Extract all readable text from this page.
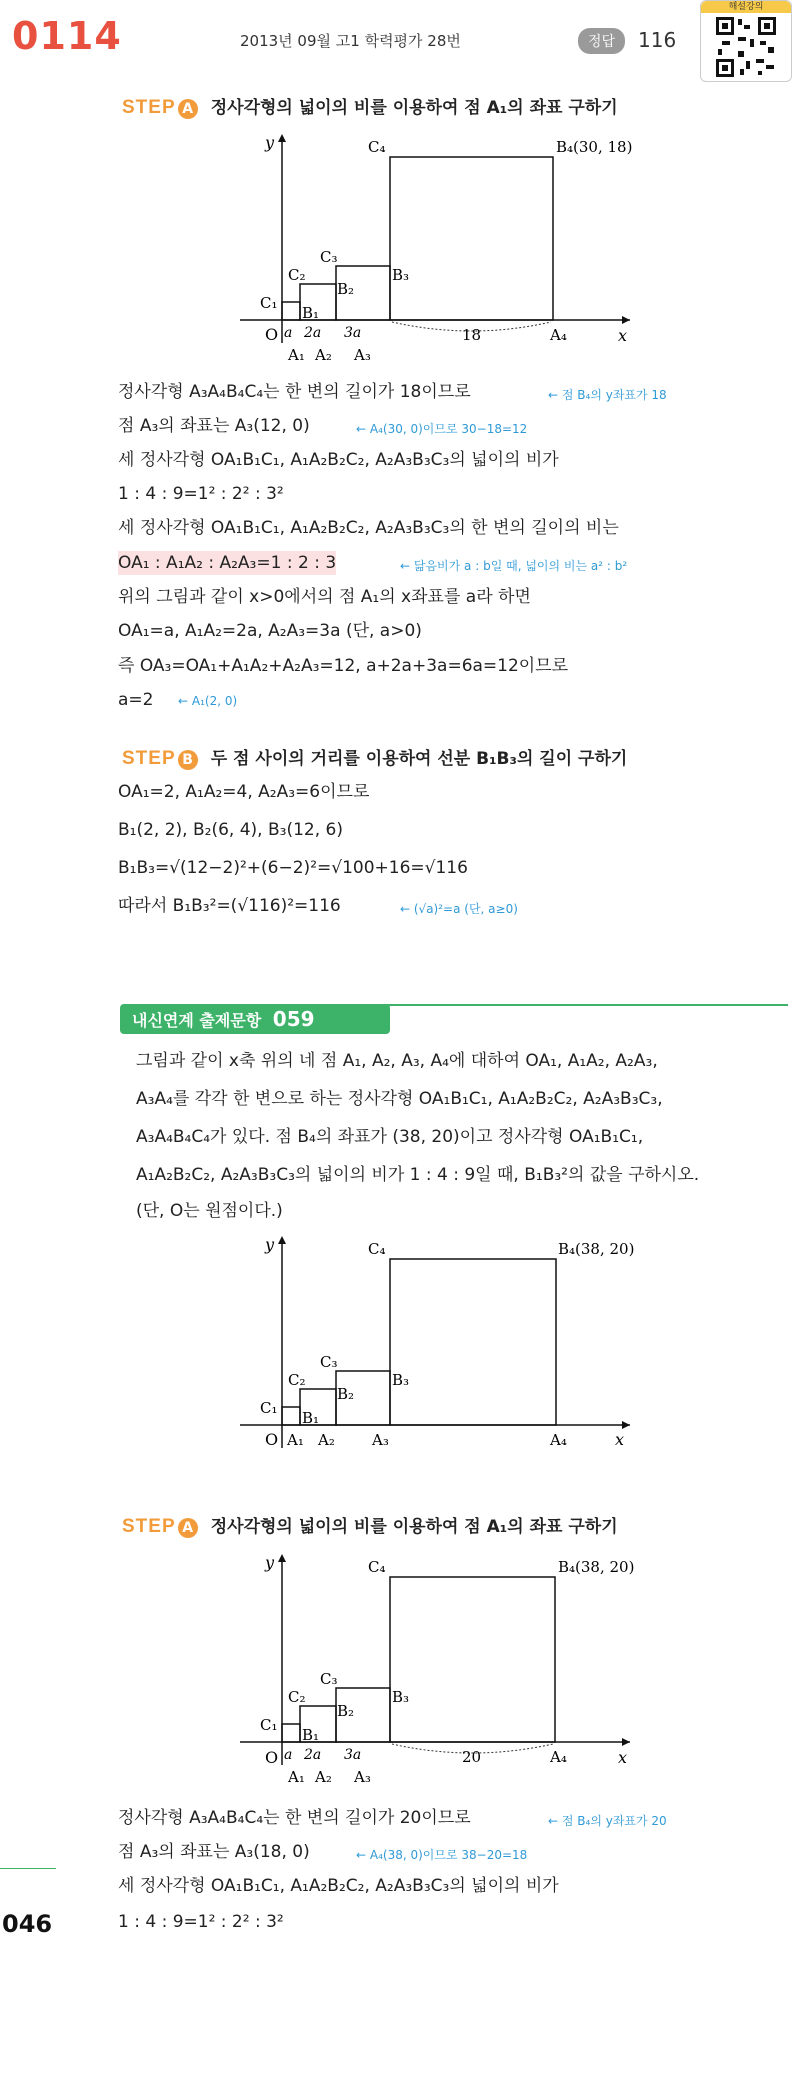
0114	2013년 09월 고1 학력평가 28번	정답	116
해설강의
STEP A 정사각형의 넓이의 비를 이용하여 점 A₁의 좌표 구하기
y
x
O
C₁
C₂
C₃
C₄
B₁
B₂
B₃
B₄(30, 18)
A₁ A₂ A₃
A₄
a 2a 3a	18
정사각형 A₃A₄B₄C₄는 한 변의 길이가 18이므로	← 점 B₄의 y좌표가 18
점 A₃의 좌표는 A₃(12, 0)	← A₄(30, 0)이므로 30−18=12
세 정사각형 OA₁B₁C₁, A₁A₂B₂C₂, A₂A₃B₃C₃의 넓이의 비가
1 : 4 : 9=1² : 2² : 3²
세 정사각형 OA₁B₁C₁, A₁A₂B₂C₂, A₂A₃B₃C₃의 한 변의 길이의 비는
OA₁ : A₁A₂ : A₂A₃=1 : 2 : 3	← 닮음비가 a : b일 때, 넓이의 비는 a² : b²
위의 그림과 같이 x>0에서의 점 A₁의 x좌표를 a라 하면
OA₁=a, A₁A₂=2a, A₂A₃=3a (단, a>0)
즉 OA₃=OA₁+A₁A₂+A₂A₃=12, a+2a+3a=6a=12이므로
a=2 ← A₁(2, 0)
STEP B 두 점 사이의 거리를 이용하여 선분 B₁B₃의 길이 구하기
OA₁=2, A₁A₂=4, A₂A₃=6이므로
B₁(2, 2), B₂(6, 4), B₃(12, 6)
B₁B₃=√(12−2)²+(6−2)²=√100+16=√116
따라서 B₁B₃²=(√116)²=116	← (√a)²=a (단, a≥0)
내신연계 출제문항 059
그림과 같이 x축 위의 네 점 A₁, A₂, A₃, A₄에 대하여 OA₁, A₁A₂, A₂A₃,
A₃A₄를 각각 한 변으로 하는 정사각형 OA₁B₁C₁, A₁A₂B₂C₂, A₂A₃B₃C₃,
A₃A₄B₄C₄가 있다. 점 B₄의 좌표가 (38, 20)이고 정사각형 OA₁B₁C₁,
A₁A₂B₂C₂, A₂A₃B₃C₃의 넓이의 비가 1 : 4 : 9일 때, B₁B₃²의 값을 구하시오.
(단, O는 원점이다.)
y
x
O
C₁
C₂
C₃
C₄
B₁
B₂
B₃
B₄(38, 20)
A₁ A₂ A₃	A₄
STEP A 정사각형의 넓이의 비를 이용하여 점 A₁의 좌표 구하기
y
x
O
C₁
C₂
C₃
C₄
B₁
B₂
B₃
B₄(38, 20)
A₁ A₂ A₃
A₄
a 2a 3a	20
정사각형 A₃A₄B₄C₄는 한 변의 길이가 20이므로	← 점 B₄의 y좌표가 20
점 A₃의 좌표는 A₃(18, 0)	← A₄(38, 0)이므로 38−20=18
세 정사각형 OA₁B₁C₁, A₁A₂B₂C₂, A₂A₃B₃C₃의 넓이의 비가
1 : 4 : 9=1² : 2² : 3²
046
